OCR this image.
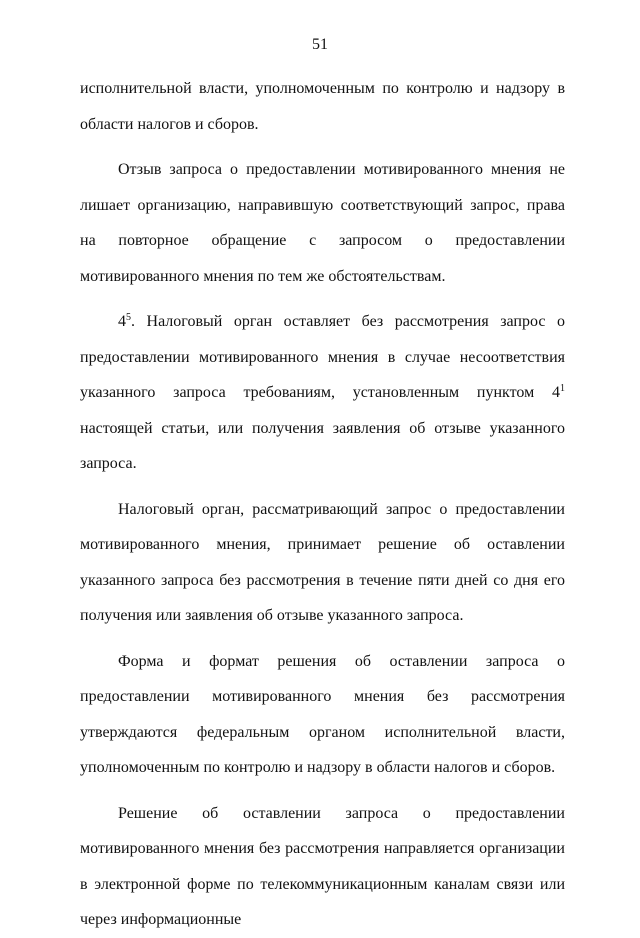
51

исполнительной власти, уполномоченным по контролю и надзору в области налогов и сборов.

Отзыв запроса о предоставлении мотивированного мнения не лишает организацию, направившую соответствующий запрос, права на повторное обращение с запросом о предоставлении мотивированного мнения по тем же обстоятельствам.

$4^5$. Налоговый орган оставляет без рассмотрения запрос о предоставлении мотивированного мнения в случае несоответствия указанного запроса требованиям, установленным пунктом $4^1$ настоящей статьи, или получения заявления об отзыве указанного запроса.

Налоговый орган, рассматривающий запрос о предоставлении мотивированного мнения, принимает решение об оставлении указанного запроса без рассмотрения в течение пяти дней со дня его получения или заявления об отзыве указанного запроса.

Форма и формат решения об оставлении запроса о предоставлении мотивированного мнения без рассмотрения утверждаются федеральным органом исполнительной власти, уполномоченным по контролю и надзору в области налогов и сборов.

Решение об оставлении запроса о предоставлении мотивированного мнения без рассмотрения направляется организации в электронной форме по телекоммуникационным каналам связи или через информационные
